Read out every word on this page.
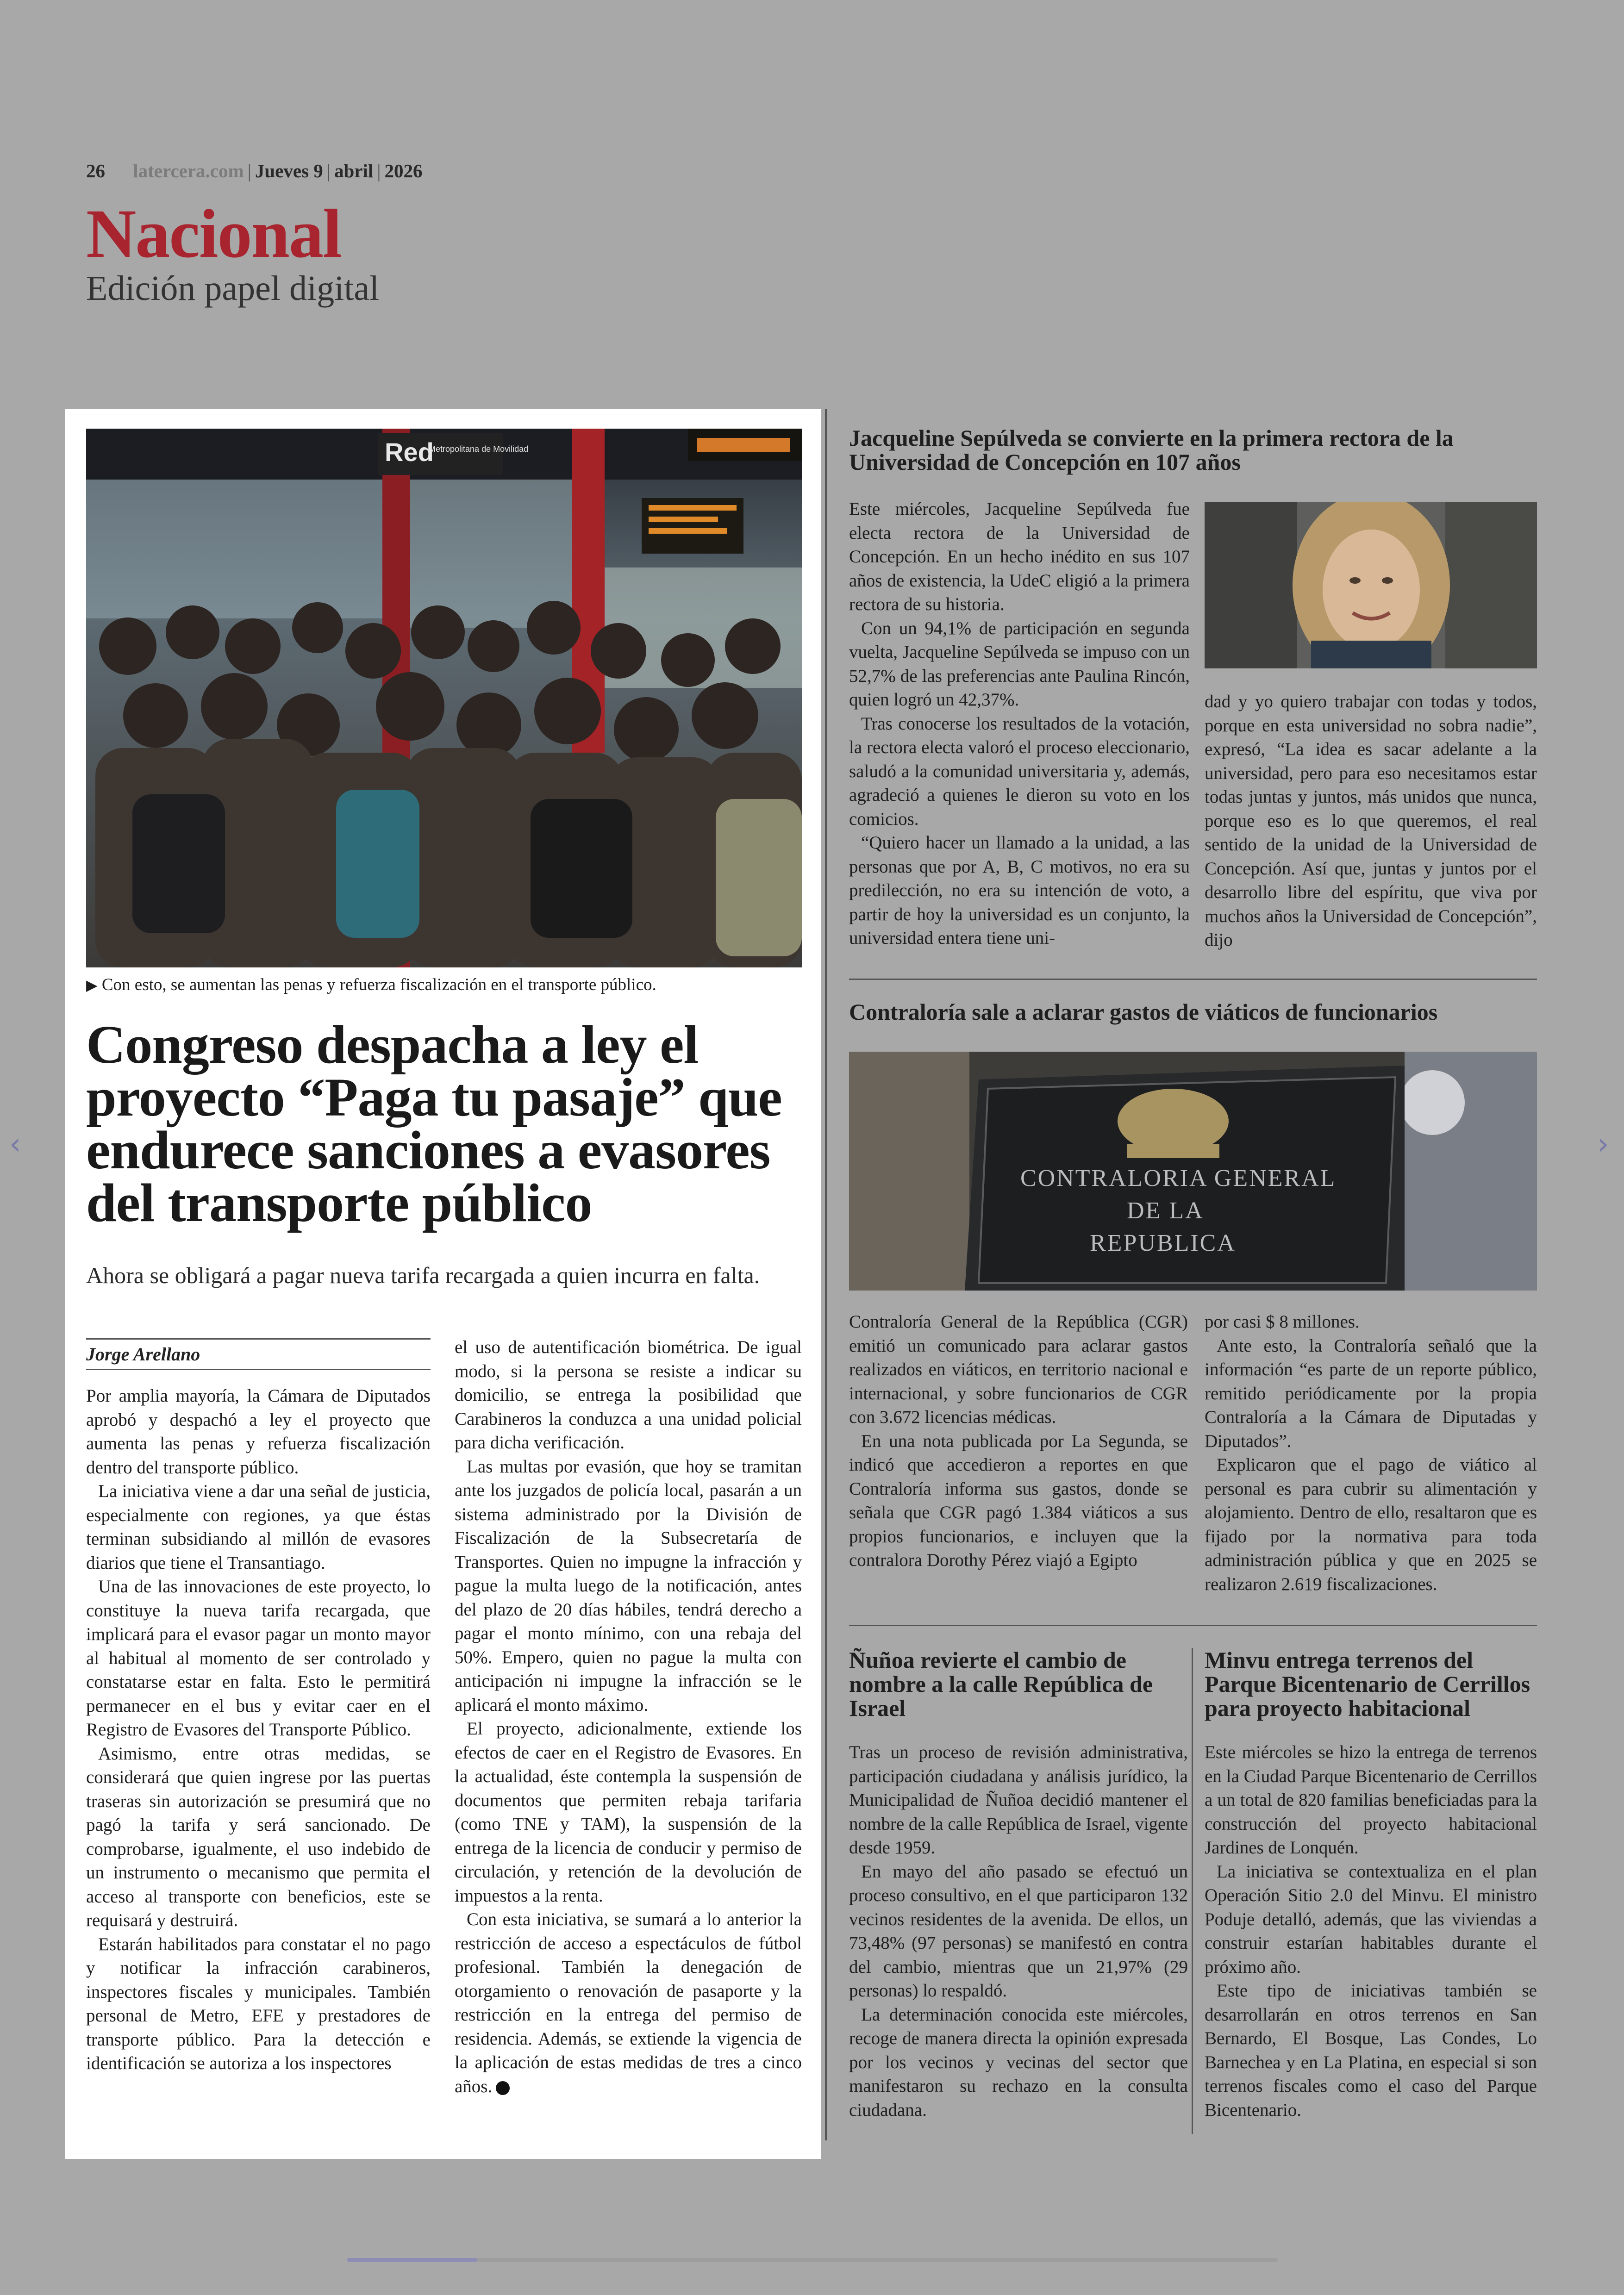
26 latercera.com | Jueves 9 | abril | 2026
Nacional
Edición papel digital
Red
Metropolitana de Movilidad
▶ Con esto, se aumentan las penas y refuerza fiscalización en el transporte público.
Congreso despacha a ley el proyecto “Paga tu pasaje” que endurece sanciones a evasores del transporte público
Ahora se obligará a pagar nueva tarifa recargada a quien incurra en falta.
Jorge Arellano

Por amplia mayoría, la Cámara de Diputados aprobó y despachó a ley el proyecto que aumenta las penas y refuerza fiscalización dentro del transporte público.

La iniciativa viene a dar una señal de justicia, especialmente con regiones, ya que éstas terminan subsidiando al millón de evasores diarios que tiene el Transantiago.

Una de las innovaciones de este proyecto, lo constituye la nueva tarifa recargada, que implicará para el evasor pagar un monto mayor al habitual al momento de ser controlado y constatarse estar en falta. Esto le permitirá permanecer en el bus y evitar caer en el Registro de Evasores del Transporte Público.

Asimismo, entre otras medidas, se considerará que quien ingrese por las puertas traseras sin autorización se presumirá que no pagó la tarifa y será sancionado. De comprobarse, igualmente, el uso indebido de un instrumento o mecanismo que permita el acceso al transporte con beneficios, este se requisará y destruirá.

Estarán habilitados para constatar el no pago y notificar la infracción carabineros, inspectores fiscales y municipales. También personal de Metro, EFE y prestadores de transporte público. Para la detección e identificación se autoriza a los inspectores

el uso de autentificación biométrica. De igual modo, si la persona se resiste a indicar su domicilio, se entrega la posibilidad que Carabineros la conduzca a una unidad policial para dicha verificación.

Las multas por evasión, que hoy se tramitan ante los juzgados de policía local, pasarán a un sistema administrado por la División de Fiscalización de la Subsecretaría de Transportes. Quien no impugne la infracción y pague la multa luego de la notificación, antes del plazo de 20 días hábiles, tendrá derecho a pagar el monto mínimo, con una rebaja del 50%. Empero, quien no pague la multa con anticipación ni impugne la infracción se le aplicará el monto máximo.

El proyecto, adicionalmente, extiende los efectos de caer en el Registro de Evasores. En la actualidad, éste contempla la suspensión de documentos que permiten rebaja tarifaria (como TNE y TAM), la suspensión de la entrega de la licencia de conducir y permiso de circulación, y retención de la devolución de impuestos a la renta.

Con esta iniciativa, se sumará a lo anterior la restricción de acceso a espectáculos de fútbol profesional. También la denegación de otorgamiento o renovación de pasaporte y la restricción en la entrega del permiso de residencia. Además, se extiende la vigencia de la aplicación de estas medidas de tres a cinco años.

Jacqueline Sepúlveda se convierte en la primera rectora de la Universidad de Concepción en 107 años

Este miércoles, Jacqueline Sepúlveda fue electa rectora de la Universidad de Concepción. En un hecho inédito en sus 107 años de existencia, la UdeC eligió a la primera rectora de su historia.

Con un 94,1% de participación en segunda vuelta, Jacqueline Sepúlveda se impuso con un 52,7% de las preferencias ante Paulina Rincón, quien logró un 42,37%.

Tras conocerse los resultados de la votación, la rectora electa valoró el proceso eleccionario, saludó a la comunidad universitaria y, además, agradeció a quienes le dieron su voto en los comicios.

“Quiero hacer un llamado a la unidad, a las personas que por A, B, C motivos, no era su predilección, no era su intención de voto, a partir de hoy la universidad es un conjunto, la universidad entera tiene uni-

dad y yo quiero trabajar con todas y todos, porque en esta universidad no sobra nadie”, expresó, “La idea es sacar adelante a la universidad, pero para eso necesitamos estar todas juntas y juntos, más unidos que nunca, porque eso es lo que queremos, el real sentido de la unidad de la Universidad de Concepción. Así que, juntas y juntos por el desarrollo libre del espíritu, que viva por muchos años la Universidad de Concepción”, dijo

Contraloría sale a aclarar gastos de viáticos de funcionarios
CONTRALORIA GENERAL
DE LA
REPUBLICA

Contraloría General de la República (CGR) emitió un comunicado para aclarar gastos realizados en viáticos, en territorio nacional e internacional, y sobre funcionarios de CGR con 3.672 licencias médicas.

En una nota publicada por La Segunda, se indicó que accedieron a reportes en que Contraloría informa sus gastos, donde se señala que CGR pagó 1.384 viáticos a sus propios funcionarios, e incluyen que la contralora Dorothy Pérez viajó a Egipto

por casi $ 8 millones.

Ante esto, la Contraloría señaló que la información “es parte de un reporte público, remitido periódicamente por la propia Contraloría a la Cámara de Diputadas y Diputados”.

Explicaron que el pago de viático al personal es para cubrir su alimentación y alojamiento. Dentro de ello, resaltaron que es fijado por la normativa para toda administración pública y que en 2025 se realizaron 2.619 fiscalizaciones.

Ñuñoa revierte el cambio de nombre a la calle República de Israel

Tras un proceso de revisión administrativa, participación ciudadana y análisis jurídico, la Municipalidad de Ñuñoa decidió mantener el nombre de la calle República de Israel, vigente desde 1959.

En mayo del año pasado se efectuó un proceso consultivo, en el que participaron 132 vecinos residentes de la avenida. De ellos, un 73,48% (97 personas) se manifestó en contra del cambio, mientras que un 21,97% (29 personas) lo respaldó.

La determinación conocida este miércoles, recoge de manera directa la opinión expresada por los vecinos y vecinas del sector que manifestaron su rechazo en la consulta ciudadana.

Minvu entrega terrenos del Parque Bicentenario de Cerrillos para proyecto habitacional

Este miércoles se hizo la entrega de terrenos en la Ciudad Parque Bicentenario de Cerrillos a un total de 820 familias beneficiadas para la construcción del proyecto habitacional Jardines de Lonquén.

La iniciativa se contextualiza en el plan Operación Sitio 2.0 del Minvu. El ministro Poduje detalló, además, que las viviendas a construir estarían habitables durante el próximo año.

Este tipo de iniciativas también se desarrollarán en otros terrenos en San Bernardo, El Bosque, Las Condes, Lo Barnechea y en La Platina, en especial si son terrenos fiscales como el caso del Parque Bicentenario.

‹	›
